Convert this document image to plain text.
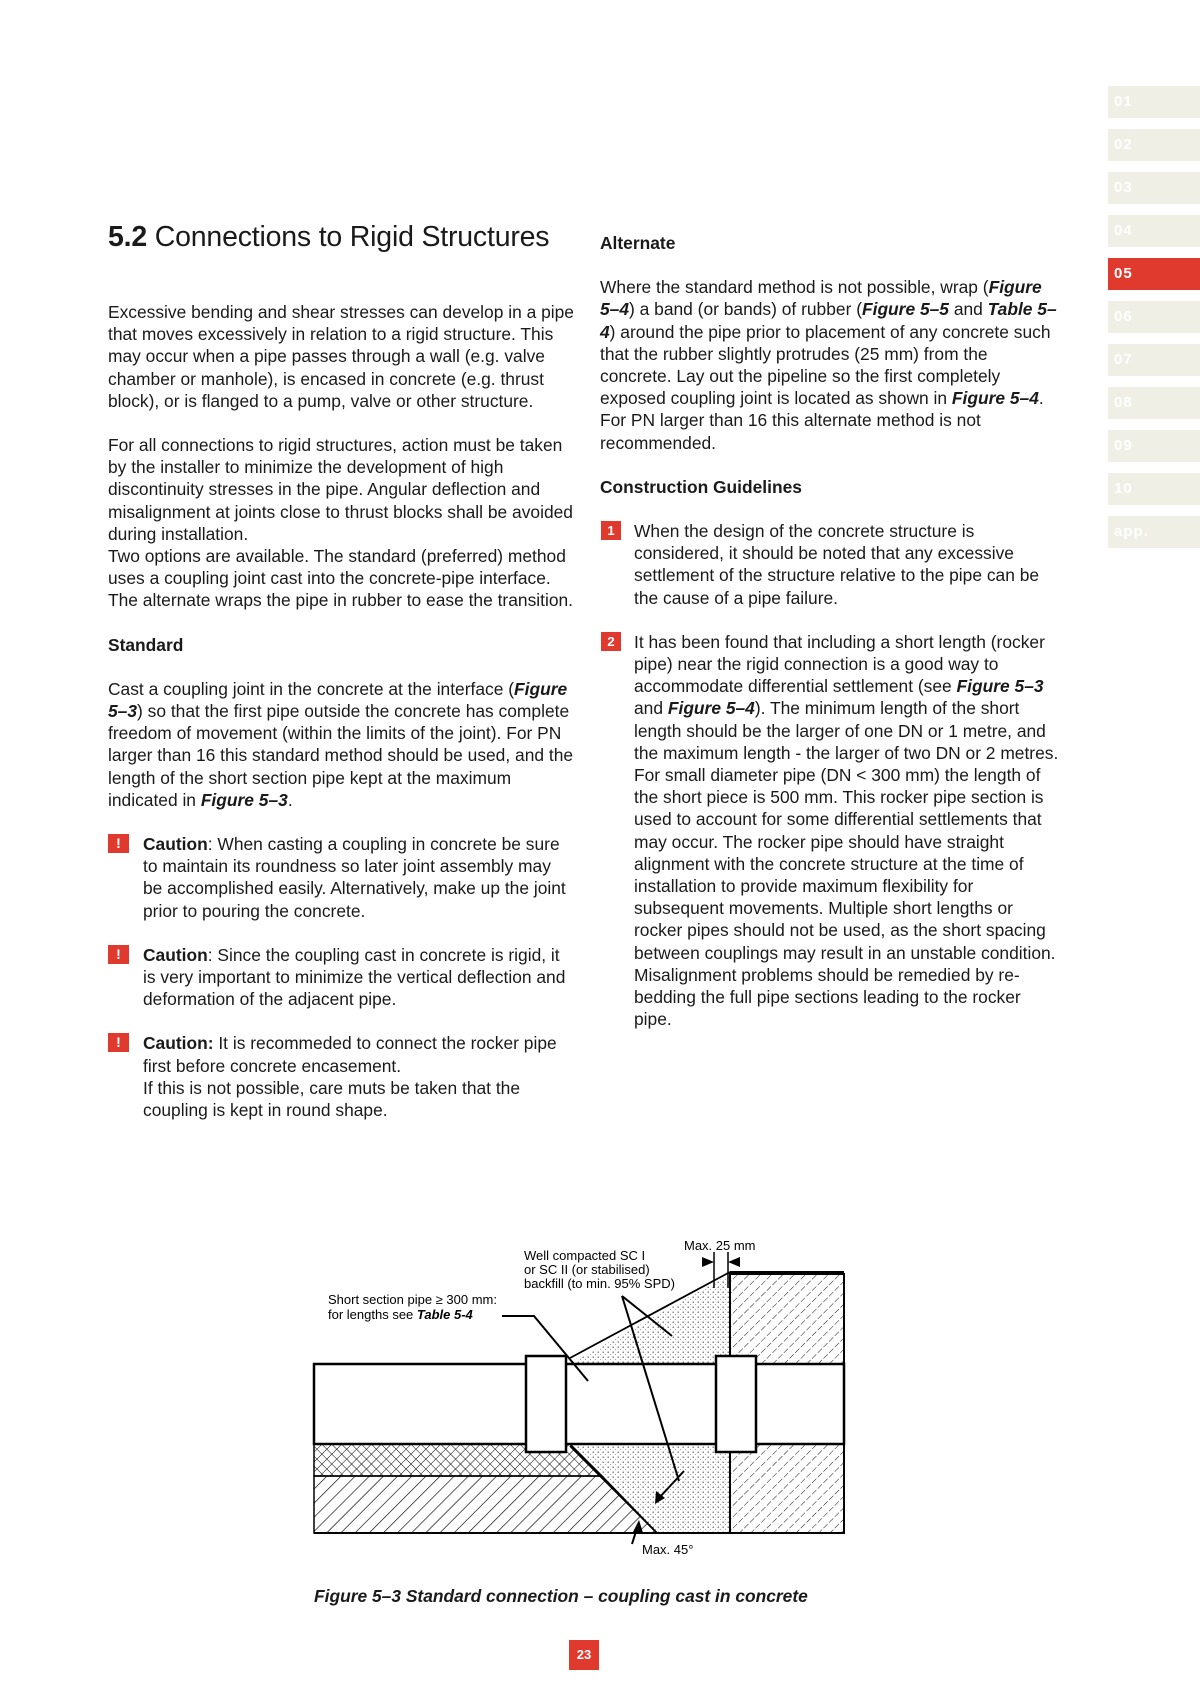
01
02
03
04
05
06
07
08
09
10
app.
5.2 Connections to Rigid Structures

Excessive bending and shear stresses can develop in a pipe that moves excessively in relation to a rigid structure. This may occur when a pipe passes through a wall (e.g. valve chamber or manhole), is encased in concrete (e.g. thrust block), or is flanged to a pump, valve or other structure.

For all connections to rigid structures, action must be taken by the installer to minimize the development of high discontinuity stresses in the pipe. Angular deflection and misalignment at joints close to thrust blocks shall be avoided during installation.
Two options are available. The standard (preferred) method uses a coupling joint cast into the concrete-pipe interface. The alternate wraps the pipe in rubber to ease the transition.

Standard

Cast a coupling joint in the concrete at the interface (Figure 5–3) so that the first pipe outside the concrete has complete freedom of movement (within the limits of the joint). For PN larger than 16 this standard method should be used, and the length of the short section pipe kept at the maximum indicated in Figure 5–3.

!	Caution: When casting a coupling in concrete be sure to maintain its roundness so later joint assembly may be accomplished easily. Alternatively, make up the joint prior to pouring the concrete.
!	Caution: Since the coupling cast in concrete is rigid, it is very important to minimize the vertical deflection and deformation of the adjacent pipe.
!	Caution: It is recommeded to connect the rocker pipe first before concrete encasement.
If this is not possible, care muts be taken that the coupling is kept in round shape.
Alternate

Where the standard method is not possible, wrap (Figure 5–4) a band (or bands) of rubber (Figure 5–5 and Table 5–4) around the pipe prior to placement of any concrete such that the rubber slightly protrudes (25 mm) from the concrete. Lay out the pipeline so the first completely exposed coupling joint is located as shown in Figure 5–4. For PN larger than 16 this alternate method is not recommended.

Construction Guidelines
1	When the design of the concrete structure is considered, it should be noted that any excessive settlement of the structure relative to the pipe can be the cause of a pipe failure.
2	It has been found that including a short length (rocker pipe) near the rigid connection is a good way to accommodate differential settlement (see Figure 5–3 and Figure 5–4). The minimum length of the short length should be the larger of one DN or 1 metre, and the maximum length - the larger of two DN or 2 metres. For small diameter pipe (DN < 300 mm) the length of the short piece is 500 mm. This rocker pipe section is used to account for some differential settlements that may occur. The rocker pipe should have straight alignment with the concrete structure at the time of installation to provide maximum flexibility for subsequent movements. Multiple short lengths or rocker pipes should not be used, as the short spacing between couplings may result in an unstable condition. Misalignment problems should be remedied by re-bedding the full pipe sections leading to the rocker pipe.
Well compacted SC I or SC II (or stabilised) backfill (to min. 95% SPD)
Max. 25 mm
Short section pipe ≥ 300 mm: for lengths see Table 5-4
Max. 45°
Figure 5–3 Standard connection – coupling cast in concrete
23
